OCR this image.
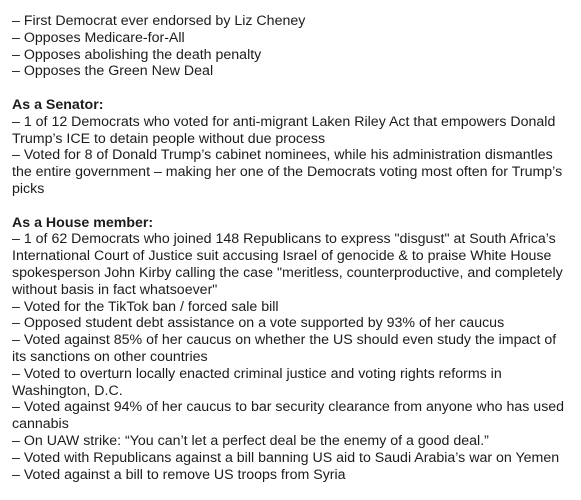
– First Democrat ever endorsed by Liz Cheney

– Opposes Medicare-for-All

– Opposes abolishing the death penalty

– Opposes the Green New Deal

As a Senator:

– 1 of 12 Democrats who voted for anti-migrant Laken Riley Act that empowers Donald Trump’s ICE to detain people without due process

– Voted for 8 of Donald Trump’s cabinet nominees, while his administration dismantles the entire government – making her one of the Democrats voting most often for Trump’s picks

As a House member:

– 1 of 62 Democrats who joined 148 Republicans to express "disgust" at South Africa’s International Court of Justice suit accusing Israel of genocide & to praise White House spokesperson John Kirby calling the case "meritless, counterproductive, and completely without basis in fact whatsoever"

– Voted for the TikTok ban / forced sale bill

– Opposed student debt assistance on a vote supported by 93% of her caucus

– Voted against 85% of her caucus on whether the US should even study the impact of its sanctions on other countries

– Voted to overturn locally enacted criminal justice and voting rights reforms in Washington, D.C.

– Voted against 94% of her caucus to bar security clearance from anyone who has used cannabis

– On UAW strike: “You can’t let a perfect deal be the enemy of a good deal.”

– Voted with Republicans against a bill banning US aid to Saudi Arabia’s war on Yemen

– Voted against a bill to remove US troops from Syria
